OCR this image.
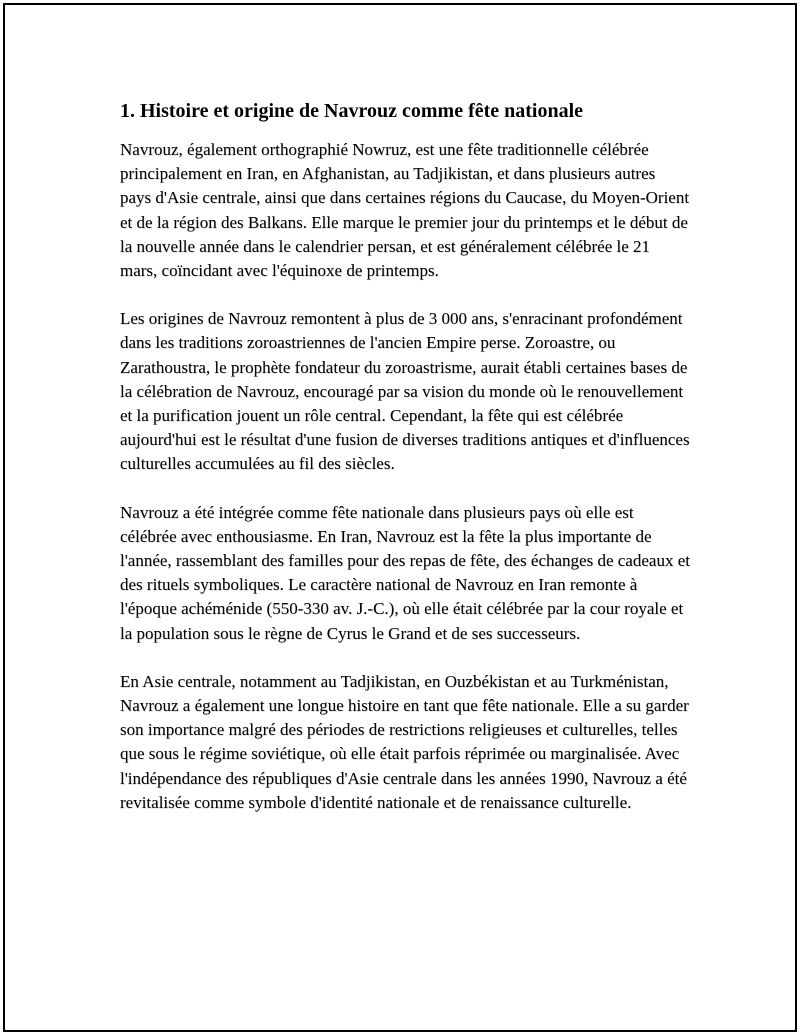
1. Histoire et origine de Navrouz comme fête nationale

Navrouz, également orthographié Nowruz, est une fête traditionnelle célébrée principalement en Iran, en Afghanistan, au Tadjikistan, et dans plusieurs autres pays d'Asie centrale, ainsi que dans certaines régions du Caucase, du Moyen-Orient et de la région des Balkans. Elle marque le premier jour du printemps et le début de la nouvelle année dans le calendrier persan, et est généralement célébrée le 21 mars, coïncidant avec l'équinoxe de printemps.

Les origines de Navrouz remontent à plus de 3 000 ans, s'enracinant profondément dans les traditions zoroastriennes de l'ancien Empire perse. Zoroastre, ou Zarathoustra, le prophète fondateur du zoroastrisme, aurait établi certaines bases de la célébration de Navrouz, encouragé par sa vision du monde où le renouvellement et la purification jouent un rôle central. Cependant, la fête qui est célébrée aujourd'hui est le résultat d'une fusion de diverses traditions antiques et d'influences culturelles accumulées au fil des siècles.

Navrouz a été intégrée comme fête nationale dans plusieurs pays où elle est célébrée avec enthousiasme. En Iran, Navrouz est la fête la plus importante de l'année, rassemblant des familles pour des repas de fête, des échanges de cadeaux et des rituels symboliques. Le caractère national de Navrouz en Iran remonte à l'époque achéménide (550-330 av. J.-C.), où elle était célébrée par la cour royale et la population sous le règne de Cyrus le Grand et de ses successeurs.

En Asie centrale, notamment au Tadjikistan, en Ouzbékistan et au Turkménistan, Navrouz a également une longue histoire en tant que fête nationale. Elle a su garder son importance malgré des périodes de restrictions religieuses et culturelles, telles que sous le régime soviétique, où elle était parfois réprimée ou marginalisée. Avec l'indépendance des républiques d'Asie centrale dans les années 1990, Navrouz a été revitalisée comme symbole d'identité nationale et de renaissance culturelle.
